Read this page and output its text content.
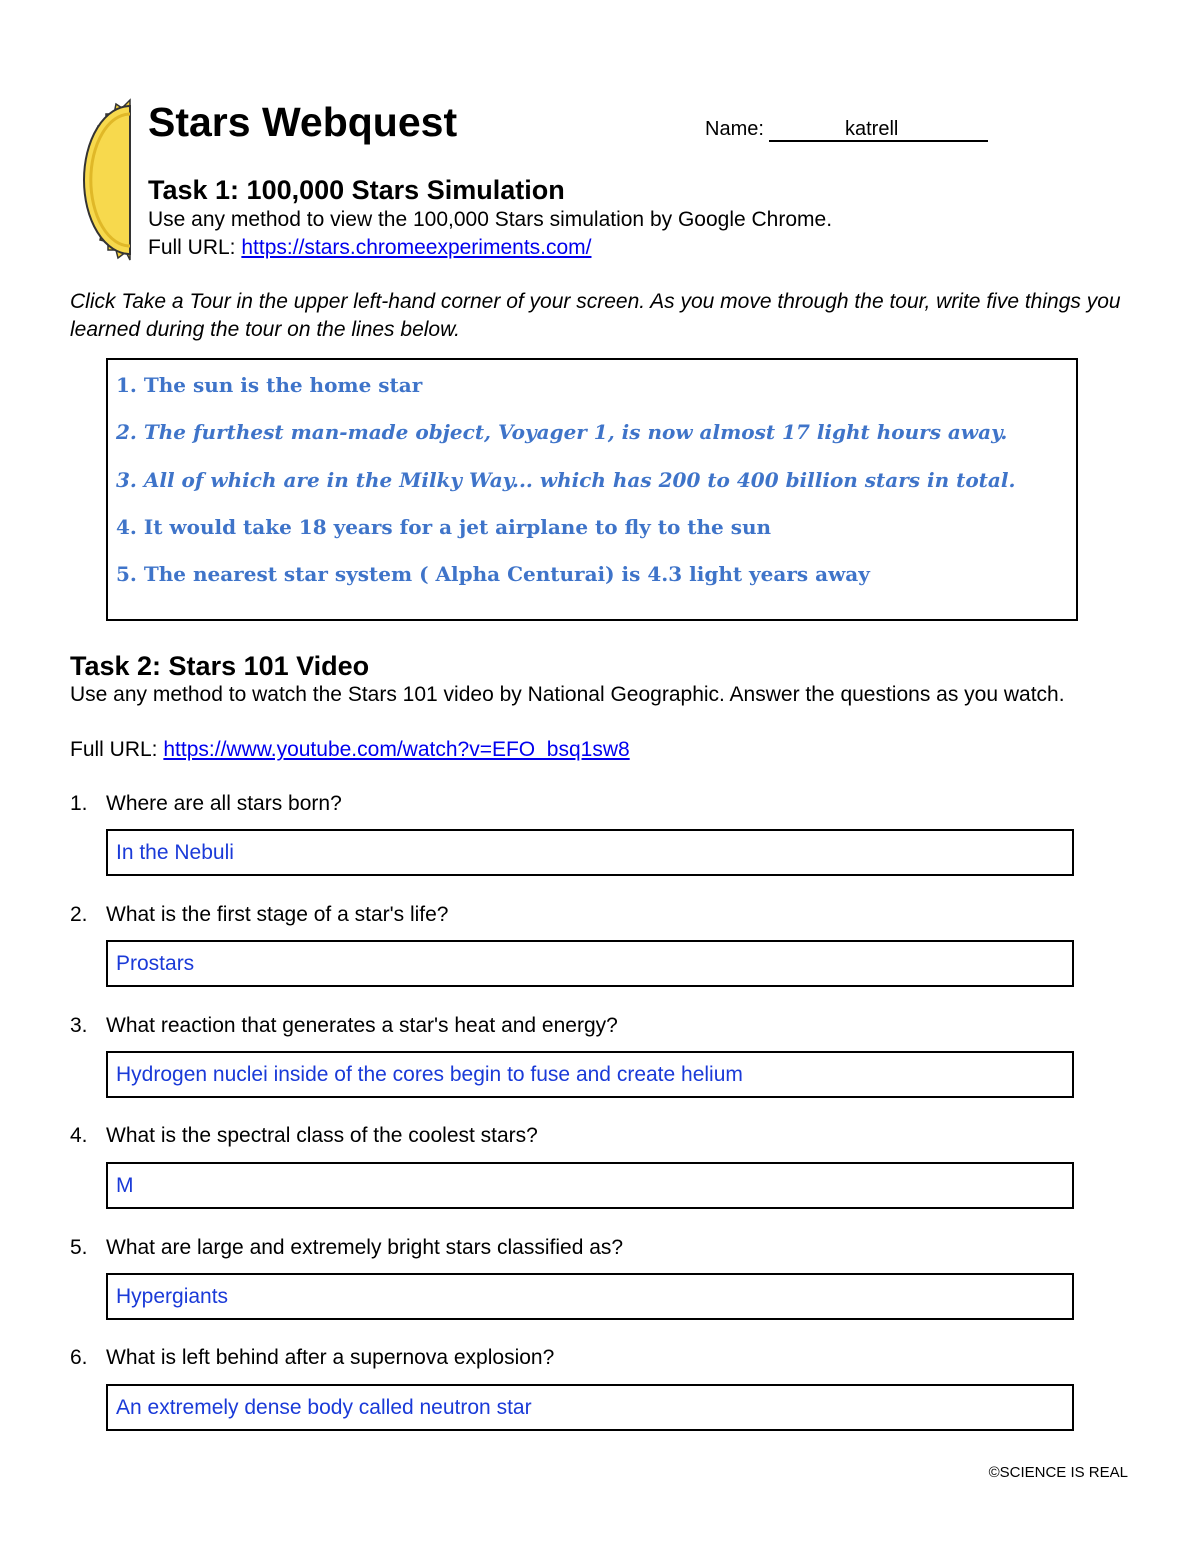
Stars Webquest	Name:	katrell
Task 1: 100,000 Stars Simulation
Use any method to view the 100,000 Stars simulation by Google Chrome.
Full URL: https://stars.chromeexperiments.com/
Click Take a Tour in the upper left-hand corner of your screen. As you move through the tour, write five things you learned during the tour on the lines below.
1. The sun is the home star
2. The furthest man-made object, Voyager 1, is now almost 17 light hours away.
3. All of which are in the Milky Way... which has 200 to 400 billion stars in total.
4. It would take 18 years for a jet airplane to fly to the sun
5. The nearest star system ( Alpha Centurai) is 4.3 light years away
Task 2: Stars 101 Video
Use any method to watch the Stars 101 video by National Geographic. Answer the questions as you watch.
Full URL: https://www.youtube.com/watch?v=EFO_bsq1sw8
1. Where are all stars born?
In the Nebuli
2. What is the first stage of a star's life?
Prostars
3. What reaction that generates a star's heat and energy?
Hydrogen nuclei inside of the cores begin to fuse and create helium
4. What is the spectral class of the coolest stars?
M
5. What are large and extremely bright stars classified as?
Hypergiants
6. What is left behind after a supernova explosion?
An extremely dense body called neutron star
©SCIENCE IS REAL
